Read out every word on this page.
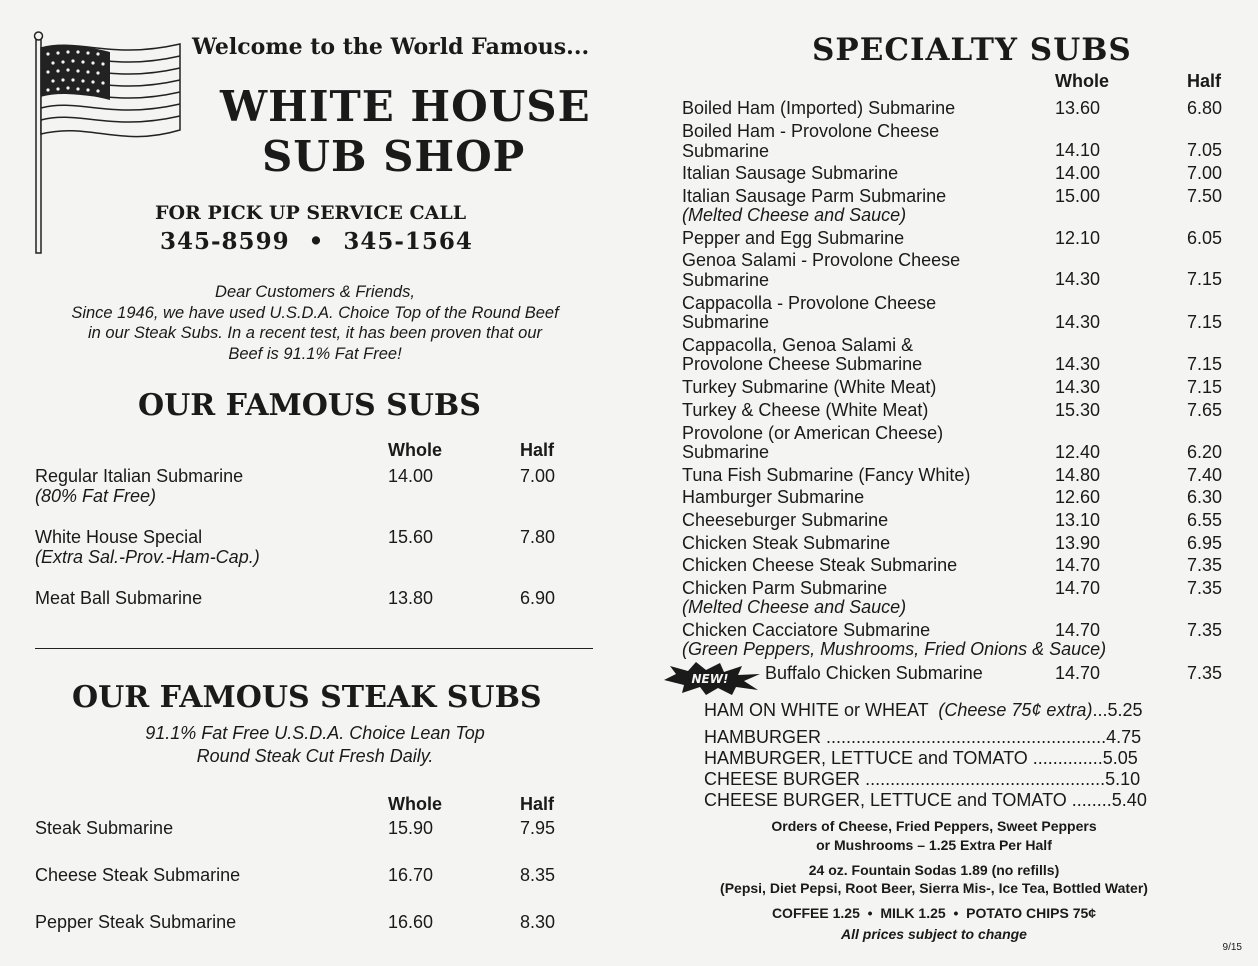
Welcome to the World Famous...
WHITE HOUSE
SUB SHOP
FOR PICK UP SERVICE CALL
345-8599 • 345-1564
Dear Customers & Friends,
Since 1946, we have used U.S.D.A. Choice Top of the Round Beef
in our Steak Subs. In a recent test, it has been proven that our
Beef is 91.1% Fat Free!
OUR FAMOUS SUBS
Whole	Half
Regular Italian Submarine
(80% Fat Free)
14.00	7.00
White House Special
(Extra Sal.-Prov.-Ham-Cap.)
15.60	7.80
Meat Ball Submarine	13.80	6.90
OUR FAMOUS STEAK SUBS
91.1% Fat Free U.S.D.A. Choice Lean Top
Round Steak Cut Fresh Daily.
Whole	Half
Steak Submarine	15.90	7.95
Cheese Steak Submarine	16.70	8.35
Pepper Steak Submarine	16.60	8.30
SPECIALTY SUBS
Whole	Half
Boiled Ham (Imported) Submarine	13.60	6.80
Boiled Ham - Provolone Cheese
Submarine	14.10	7.05
Italian Sausage Submarine	14.00	7.00
Italian Sausage Parm Submarine
(Melted Cheese and Sauce)
15.00	7.50
Pepper and Egg Submarine	12.10	6.05
Genoa Salami - Provolone Cheese
Submarine	14.30	7.15
Cappacolla - Provolone Cheese
Submarine	14.30	7.15
Cappacolla, Genoa Salami &
Provolone Cheese Submarine	14.30	7.15
Turkey Submarine (White Meat)	14.30	7.15
Turkey & Cheese (White Meat)	15.30	7.65
Provolone (or American Cheese)
Submarine	12.40	6.20
Tuna Fish Submarine (Fancy White)	14.80	7.40
Hamburger Submarine	12.60	6.30
Cheeseburger Submarine	13.10	6.55
Chicken Steak Submarine	13.90	6.95
Chicken Cheese Steak Submarine	14.70	7.35
Chicken Parm Submarine
(Melted Cheese and Sauce)
14.70	7.35
Chicken Cacciatore Submarine
(Green Peppers, Mushrooms, Fried Onions & Sauce)
14.70	7.35
NEW! Buffalo Chicken Submarine	14.70	7.35
HAM ON WHITE or WHEAT (Cheese 75¢ extra)...5.25
HAMBURGER ........................................................4.75
HAMBURGER, LETTUCE and TOMATO ..............5.05
CHEESE BURGER ................................................5.10
CHEESE BURGER, LETTUCE and TOMATO ........5.40
Orders of Cheese, Fried Peppers, Sweet Peppers
or Mushrooms – 1.25 Extra Per Half
24 oz. Fountain Sodas 1.89 (no refills)
(Pepsi, Diet Pepsi, Root Beer, Sierra Mis-, Ice Tea, Bottled Water)
COFFEE 1.25  •  MILK 1.25  •  POTATO CHIPS 75¢
All prices subject to change
9/15
